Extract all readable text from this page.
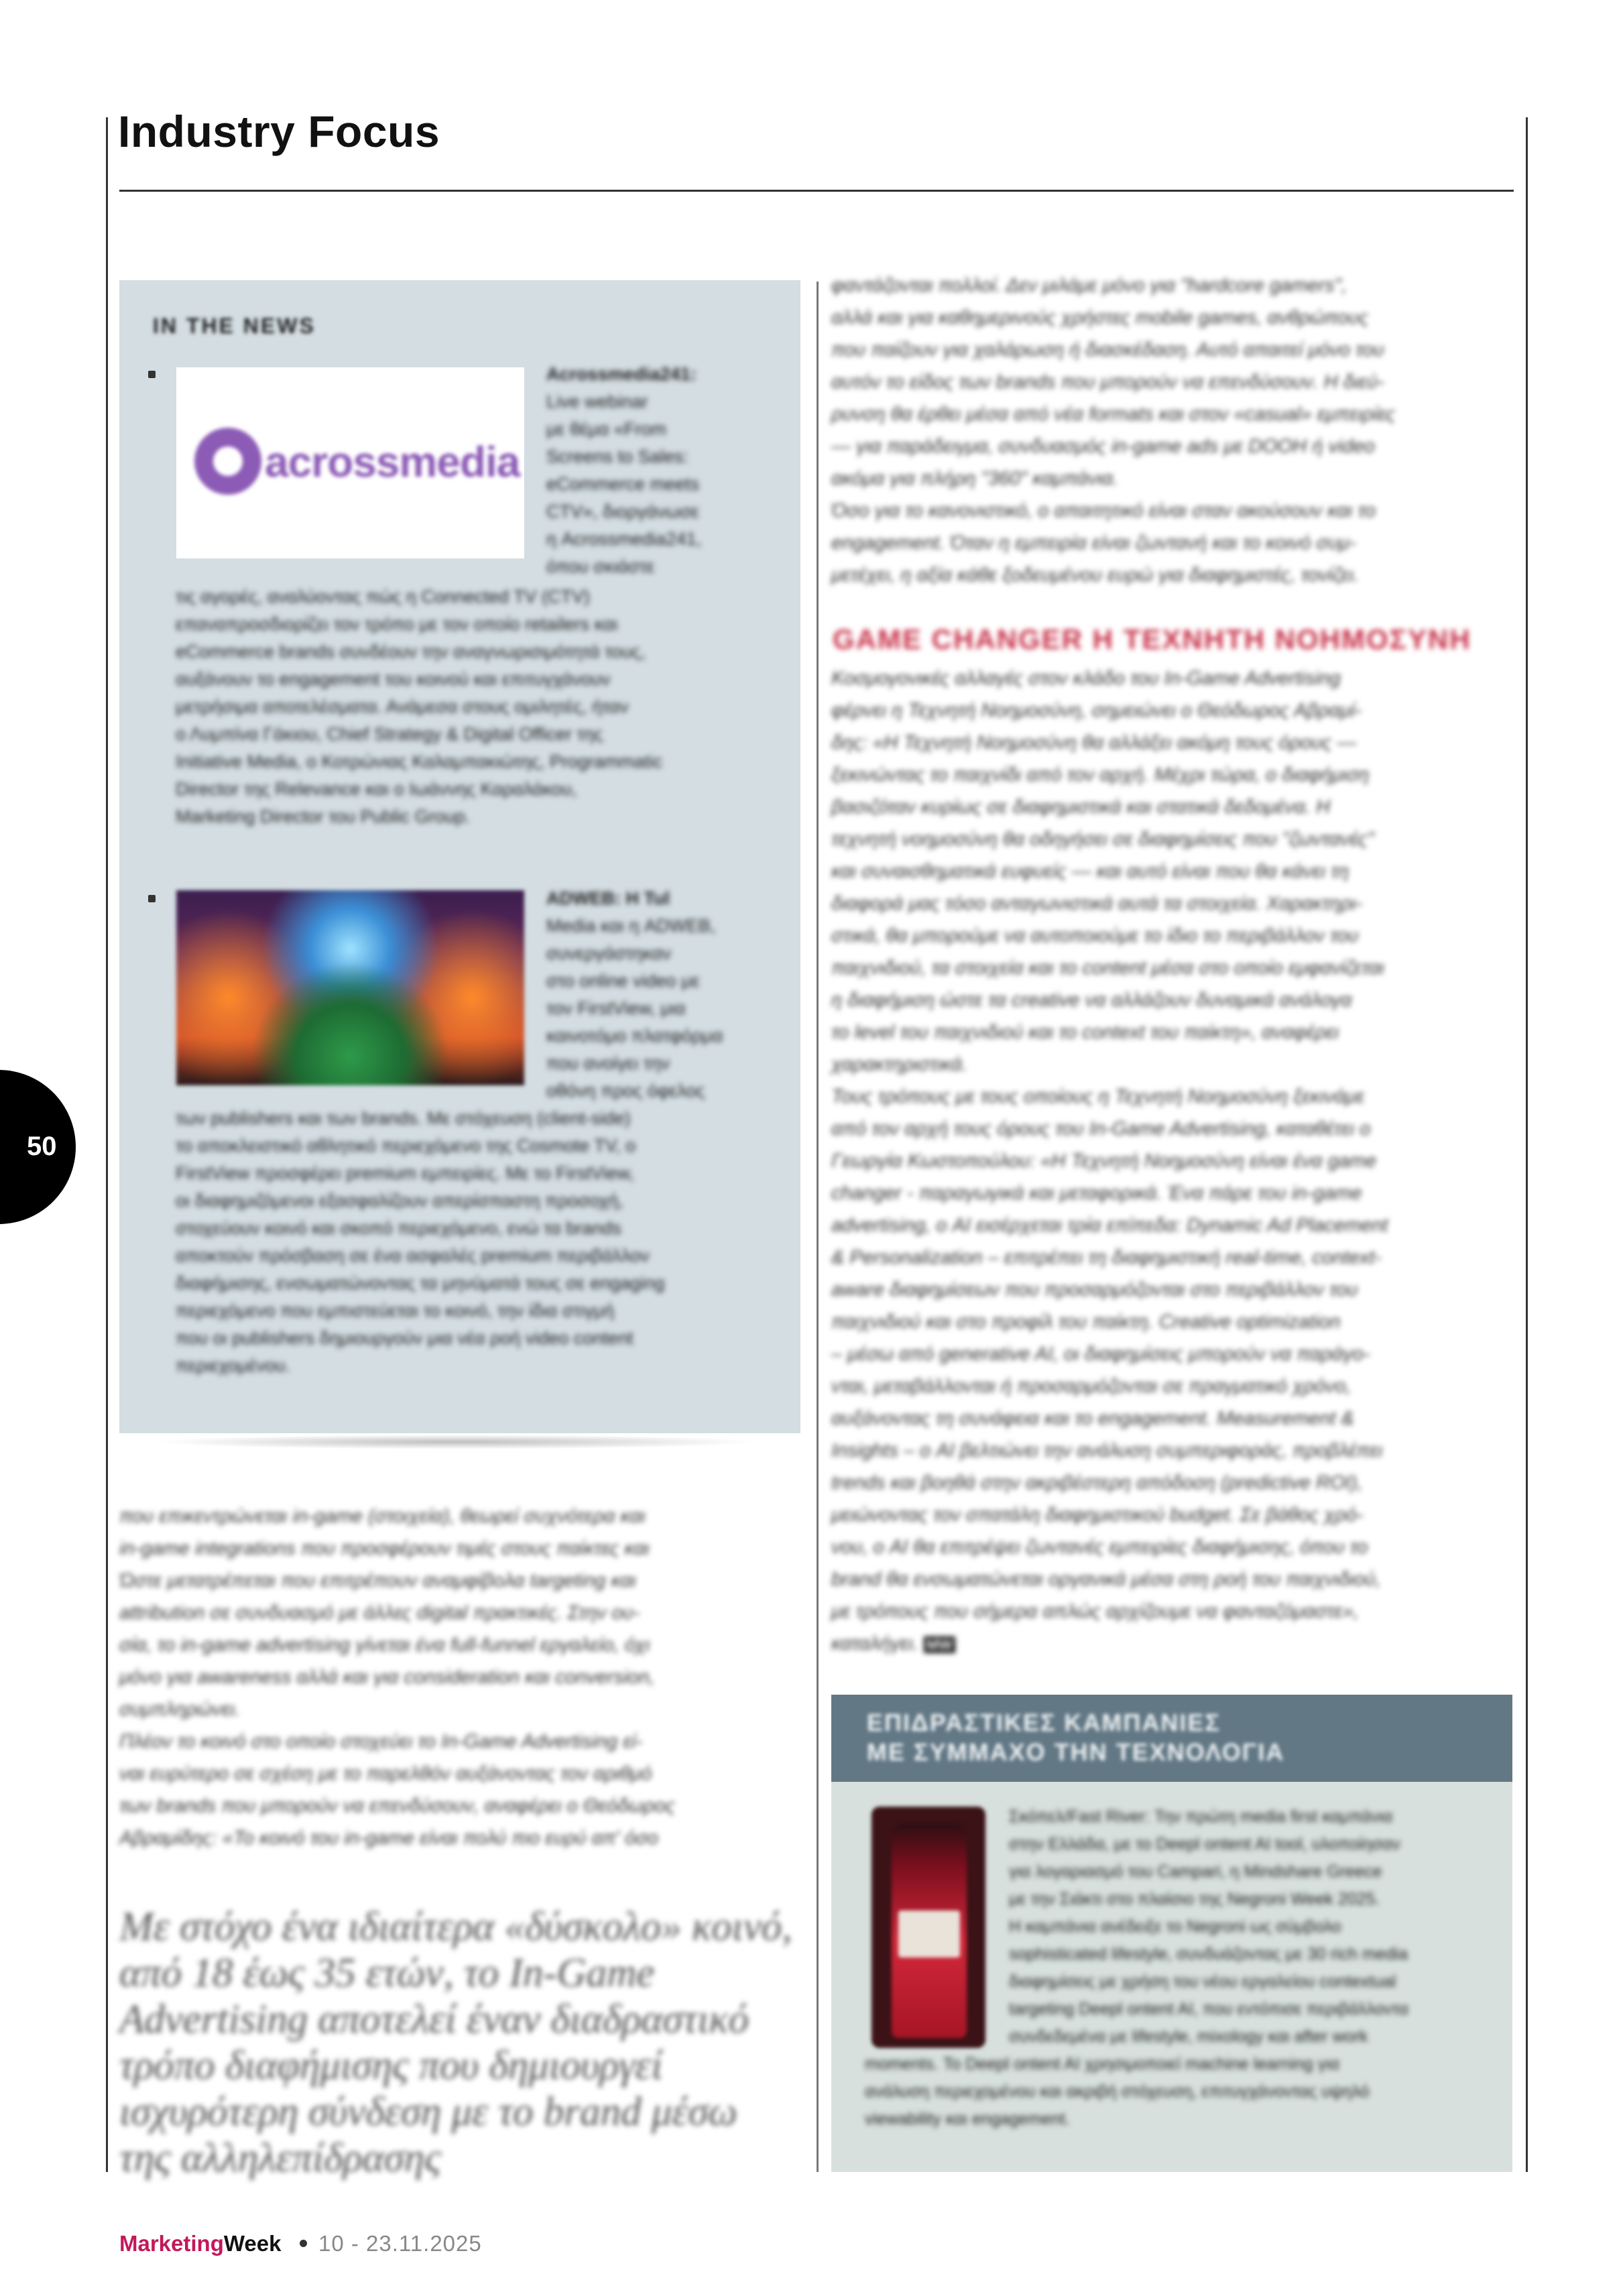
Industry Focus
50
IN THE NEWS
acrossmedia
Acrossmedia241:
Live webinar
με θέμα «From
Screens to Sales:
eCommerce meets
CTV», διοργάνωσε
η Acrossmedia241,
όπου σκιάστε
τις αγορές, αναλύοντας πώς η Connected TV (CTV)
επαναπροσδιορίζει τον τρόπο με τον οποίο retailers και
eCommerce brands συνδέουν την αναγνωρισιμότητά τους,
αυξάνουν το engagement του κοινού και επιτυγχάνουν
μετρήσιμα αποτελέσματα. Ανάμεσα στους ομιλητές, ήταν
ο Λυμπίνα Γάκιου, Chief Strategy & Digital Officer της
Initiative Media, ο Κοτρώνιας Καλαμπακιώτης, Programmatic
Director της Relevance και ο Ιωάννης Καραλάκου,
Marketing Director του Public Group.
ADWEB: Η Tul
Media και η ADWEB,
συνεργάστηκαν
στο online video με
τον FirstView, μια
καινοτόμο πλατφόρμα
που ανοίγει την
οθόνη προς όφελος
των publishers και των brands. Με στόχευση (client-side)
το αποκλειστικό αθλητικό περιεχόμενο της Cosmote TV, ο
FirstView προσφέρει premium εμπειρίες. Με το FirstView,
οι διαφημιζόμενοι εξασφαλίζουν απερίσπαστη προσοχή,
στοχεύουν κοινό και σκοπό περιεχόμενο, ενώ τα brands
αποκτούν πρόσβαση σε ένα ασφαλές premium περιβάλλον
διαφήμισης, ενσωματώνοντας τα μηνύματά τους σε engaging
περιεχόμενο που εμπιστεύεται το κοινό, την ίδια στιγμή
που οι publishers δημιουργούν μια νέα ροή video content
περιεχομένου.
που επικεντρώνεται in-game (στοιχεία), θεωρεί συχνότερα και
in-game integrations που προσφέρουν τιμές στους παίκτες και
Ώστε μετατρέπεται που επιτρέπουν αναμφίβολα targeting και
attribution σε συνδυασμό με άλλες digital πρακτικές. Στην ου-
σία, το in-game advertising γίνεται ένα full-funnel εργαλείο, όχι
μόνο για awareness αλλά και για consideration και conversion,
συμπληρώνει.
Πλέον το κοινό στο οποίο στοχεύει το In-Game Advertising εί-
ναι ευρύτερο σε σχέση με το παρελθόν αυξάνοντας τον αριθμό
των brands που μπορούν να επενδύσουν, αναφέρει ο Θεόδωρος
Αβραμίδης: «Το κοινό του in-game είναι πολύ πιο ευρύ απ' όσο
Με στόχο ένα ιδιαίτερα «δύσκολο» κοινό, από 18 έως 35 ετών, το In-Game Advertising αποτελεί έναν διαδραστικό τρόπο διαφήμισης που δημιουργεί ισχυρότερη σύνδεση με το brand μέσω της αλληλεπίδρασης
φαντάζονται πολλοί. Δεν μιλάμε μόνο για "hardcore gamers",
αλλά και για καθημερινούς χρήστες mobile games, ανθρώπους
που παίζουν για χαλάρωση ή διασκέδαση. Αυτό απαιτεί μόνο του
αυτόν το είδος των brands που μπορούν να επενδύσουν. Η διεύ-
ρυνση θα έρθει μέσα από νέα formats και στον «casual» εμπειρίες
— για παράδειγμα, συνδυασμός in-game ads με DOOH ή video
ακόμα για πλήρη "360" καμπάνια.
Όσο για το κανονιστικό, ο απαιτητικό είναι σταν ακούσουν και το
engagement. Όταν η εμπειρία είναι ζωντανή και το κοινό συμ-
μετέχει, η αξία κάθε ξοδευμένου ευρώ για διαφημιστές, τονίζει.
GAME CHANGER Η ΤΕΧΝΗΤΗ ΝΟΗΜΟΣΥΝΗ
Κοσμογονικές αλλαγές στον κλάδο του In-Game Advertising
φέρνει η Τεχνητή Νοημοσύνη, σημειώνει ο Θεόδωρος Αβραμί-
δης: «Η Τεχνητή Νοημοσύνη θα αλλάξει ακόμη τους όρους —
ξεκινώντας το παιχνίδι από τον αρχή. Μέχρι τώρα, ο διαφήμιση
βασιζόταν κυρίως σε διαφημιστικά και στατικά δεδομένα. Η
τεχνητή νοημοσύνη θα οδηγήσει σε διαφημίσεις που "ζωντανές"
και συναισθηματικά ευφυείς — και αυτό είναι που θα κάνει τη
διαφορά μας τόσο ανταγωνιστικά αυτά τα στοιχεία. Χαρακτηρι-
στικά, θα μπορούμε να αυτοποιούμε το ίδιο το περιβάλλον του
παιχνιδιού, τα στοιχεία και το content μέσα στο οποίο εμφανίζεται
η διαφήμιση ώστε τα creative να αλλάζουν δυναμικά ανάλογα
το level του παιχνιδιού και το context του παίκτη», αναφέρει
χαρακτηριστικά.
Τους τρόπους με τους οποίους η Τεχνητή Νοημοσύνη ξεκινάμε
από τον αρχή τους όρους του In-Game Advertising, καταθέτει ο
Γεωργία Κωστοπούλου: «Η Τεχνητή Νοημοσύνη είναι ένα game
changer - παραγωγικά και μεταφορικά. Ένα πάρε του in-game
advertising, ο AI εισέρχεται τρία επίπεδα: Dynamic Ad Placement
& Personalization – επιτρέπει τη διαφημιστική real-time, context-
aware διαφημίσεων που προσαρμόζονται στο περιβάλλον του
παιχνιδιού και στο προφίλ του παίκτη. Creative optimization
– μέσω από generative AI, οι διαφημίσεις μπορούν να παράγο-
νται, μεταβάλλονται ή προσαρμόζονται σε πραγματικό χρόνο,
αυξάνοντας τη συνάφεια και το engagement. Measurement &
Insights – ο AI βελτιώνει την ανάλυση συμπεριφοράς, προβλέπει
trends και βοηθά στην ακριβέστερη απόδοση (predictive ROI),
μειώνοντας τον σπατάλη διαφημιστικού budget. Σε βάθος χρό-
νου, ο AI θα επιτρέψει ζωντανές εμπειρίες διαφήμισης, όπου το
brand θα ενσωματώνεται οργανικά μέσα στη ροή του παιχνιδιού,
με τρόπους που σήμερα απλώς αρχίζουμε να φανταζόμαστε»,
καταλήγει. MW
ΕΠΙΔΡΑΣΤΙΚΕΣ ΚΑΜΠΑΝΙΕΣ
ΜΕ ΣΥΜΜΑΧΟ ΤΗΝ ΤΕΧΝΟΛΟΓΙΑ
Σκόπελ/Fast River: Την πρώτη media first καμπάνια
στην Ελλάδα, με το Deepl ontent AI tool, υλοποίησαν
για λογαριασμό του Campari, η Mindshare Greece
με την Σιάκτι στο πλαίσιο της Negroni Week 2025.
Η καμπάνια ανέδειξε το Negroni ως σύμβολο
sophisticated lifestyle, συνδυάζοντας με 30 rich media
διαφημίσεις με χρήση του νέου εργαλείου contextual
targeting Deepl ontent AI, που εντόπισε περιβάλλοντα
συνδεδεμένα με lifestyle, mixology και after work
moments. Το Deepl ontent AI χρησιμοποιεί machine learning για
ανάλυση περιεχομένου και ακριβή στόχευση, επιτυγχάνοντας υψηλό
viewability και engagement.
MarketingWeek 10 - 23.11.2025
